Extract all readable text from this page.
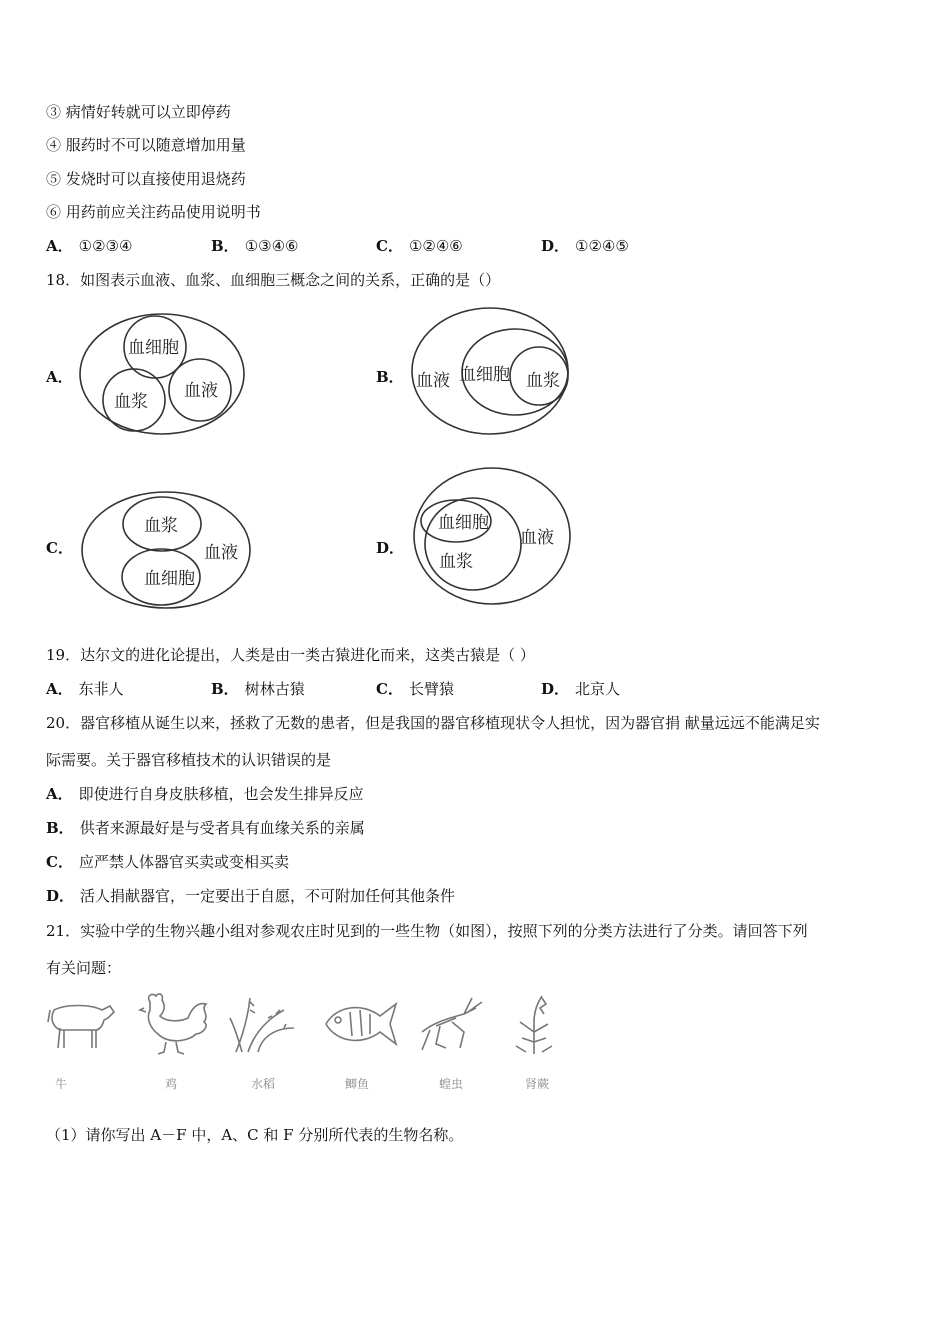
③ 病情好转就可以立即停药
④ 服药时不可以随意增加用量
⑤ 发烧时可以直接使用退烧药
⑥ 用药前应关注药品使用说明书
A． ①②③④	B． ①③④⑥	C． ①②④⑥	D． ①②④⑤
18．如图表示血液、血浆、血细胞三概念之间的关系，正确的是（）
A．
血细胞
血浆
血液
B． 血液 血细胞 血浆
C．
血浆
血液
血细胞
D．
血细胞
血液
血浆
19．达尔文的进化论提出，人类是由一类古猿进化而来，这类古猿是（ ）
A． 东非人	B． 树林古猿	C． 长臂猿	D． 北京人
20．器官移植从诞生以来，拯救了无数的患者，但是我国的器官移植现状令人担忧，因为器官捐 献量远远不能满足实
际需要。关于器官移植技术的认识错误的是
A． 即使进行自身皮肤移植，也会发生排异反应
B． 供者来源最好是与受者具有血缘关系的亲属
C． 应严禁人体器官买卖或变相买卖
D． 活人捐献器官，一定要出于自愿，不可附加任何其他条件
21．实验中学的生物兴趣小组对参观农庄时见到的一些生物（如图），按照下列的分类方法进行了分类。请回答下列
有关问题：
牛	鸡	水稻	鲫鱼	蝗虫	肾蕨
（1）请你写出 A－F 中，A、C 和 F 分别所代表的生物名称。
